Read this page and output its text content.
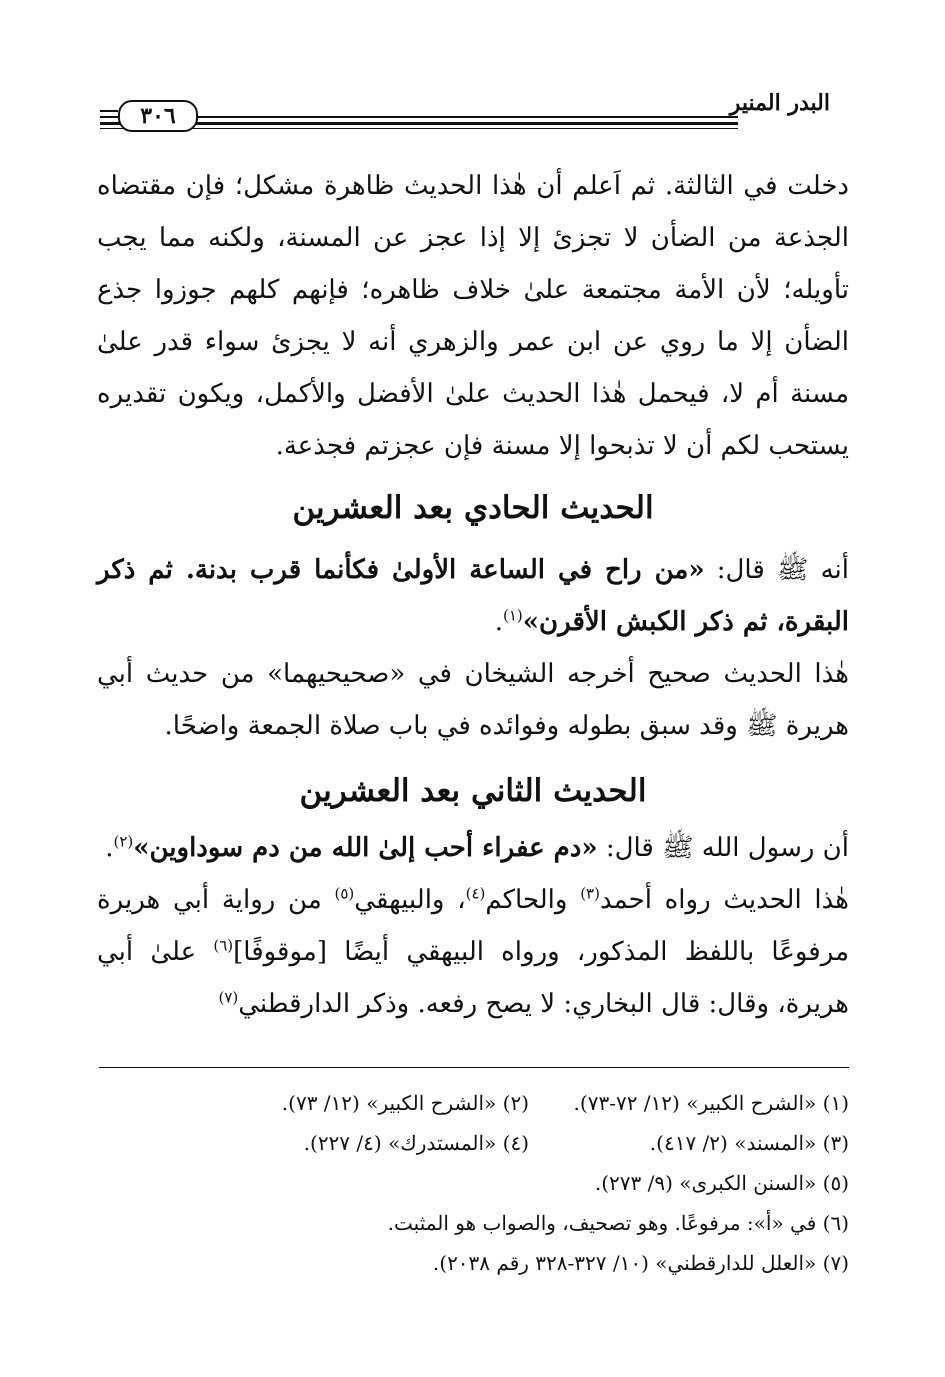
البدر المنير
٣٠٦
دخلت في الثالثة. ثم اَعلم أن هٰذا الحديث ظاهرة مشكل؛ فإن مقتضاه الجذعة من الضأن لا تجزئ إلا إذا عجز عن المسنة، ولكنه مما يجب تأويله؛ لأن الأمة مجتمعة علىٰ خلاف ظاهره؛ فإنهم كلهم جوزوا جذع الضأن إلا ما روي عن ابن عمر والزهري أنه لا يجزئ سواء قدر علىٰ مسنة أم لا، فيحمل هٰذا الحديث علىٰ الأفضل والأكمل، ويكون تقديره يستحب لكم أن لا تذبحوا إلا مسنة فإن عجزتم فجذعة.
الحديث الحادي بعد العشرين
أنه ﷺ قال: «من راح في الساعة الأولىٰ فكأنما قرب بدنة. ثم ذكر البقرة، ثم ذكر الكبش الأقرن»$^{(١)}$.
هٰذا الحديث صحيح أخرجه الشيخان في «صحيحيهما» من حديث أبي هريرة ﷺ وقد سبق بطوله وفوائده في باب صلاة الجمعة واضحًا.
الحديث الثاني بعد العشرين
أن رسول الله ﷺ قال: «دم عفراء أحب إلىٰ الله من دم سوداوين»$^{(٢)}$.
هٰذا الحديث رواه أحمد$^{(٣)}$ والحاكم$^{(٤)}$، والبيهقي$^{(٥)}$ من رواية أبي هريرة مرفوعًا باللفظ المذكور، ورواه البيهقي أيضًا [موقوفًا]$^{(٦)}$ علىٰ أبي هريرة، وقال: قال البخاري: لا يصح رفعه. وذكر الدارقطني$^{(٧)}$
(١) «الشرح الكبير» (١٢/ ٧٢-٧٣).
(٢) «الشرح الكبير» (١٢/ ٧٣).
(٣) «المسند» (٢/ ٤١٧).
(٤) «المستدرك» (٤/ ٢٢٧).
(٥) «السنن الكبرى» (٩/ ٢٧٣).
(٦) في «أ»: مرفوعًا. وهو تصحيف، والصواب هو المثبت.
(٧) «العلل للدارقطني» (١٠/ ٣٢٧-٣٢٨ رقم ٢٠٣٨).
